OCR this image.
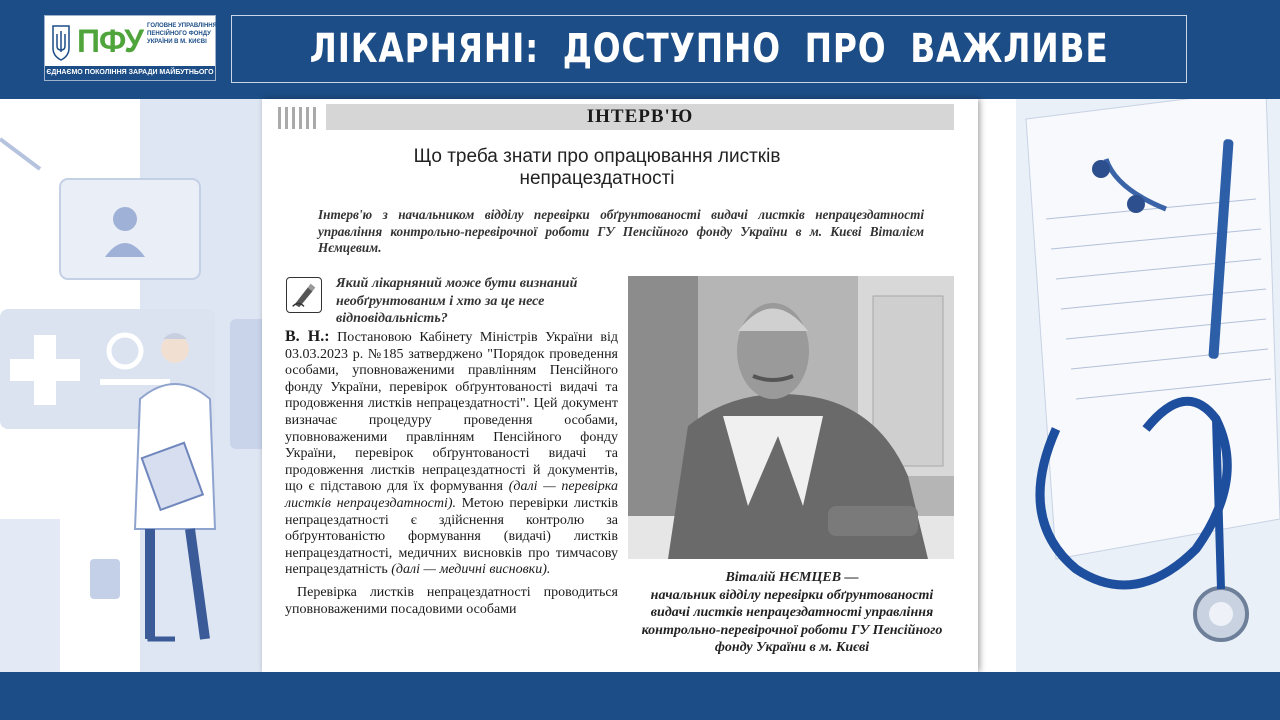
ПФУ ГОЛОВНЕ УПРАВЛІННЯ
ПЕНСІЙНОГО ФОНДУ
УКРАЇНИ В М. КИЄВІ
ЄДНАЄМО ПОКОЛІННЯ ЗАРАДИ МАЙБУТНЬОГО
ЛІКАРНЯНІ: ДОСТУПНО ПРО ВАЖЛИВЕ
ІНТЕРВ'Ю
Що треба знати про опрацювання листків
непрацездатності
Інтерв'ю з начальником відділу перевірки обґрунтованості видачі листків непрацездатності управління контрольно-перевірочної роботи ГУ Пенсійного фонду України в м. Києві Віталієм Нємцевим.
Який лікарняний може бути визнаний необґрунтованим і хто за це несе відповідальність?

В. Н.: Постановою Кабінету Міністрів України від 03.03.2023 р. №185 затверджено "Порядок проведення особами, уповноваженими правлінням Пенсійного фонду України, перевірок обґрунтованості видачі та продовження листків непрацездатності". Цей документ визначає процедуру проведення особами, уповноваженими правлінням Пенсійного фонду України, перевірок обґрунтованості видачі та продовження листків непрацездатності й документів, що є підставою для їх формування (далі — перевірка листків непрацездатності). Метою перевірки листків непрацездатності є здійснення контролю за обґрунтованістю формування (видачі) листків непрацездатності, медичних висновків про тимчасову непрацездатність (далі — медичні висновки).

Перевірка листків непрацездатності проводиться уповноваженими посадовими особами

Віталій НЄМЦЕВ —
начальник відділу перевірки обґрунтованості видачі листків непрацездатності управління контрольно-перевірочної роботи ГУ Пенсійного фонду України в м. Києві
